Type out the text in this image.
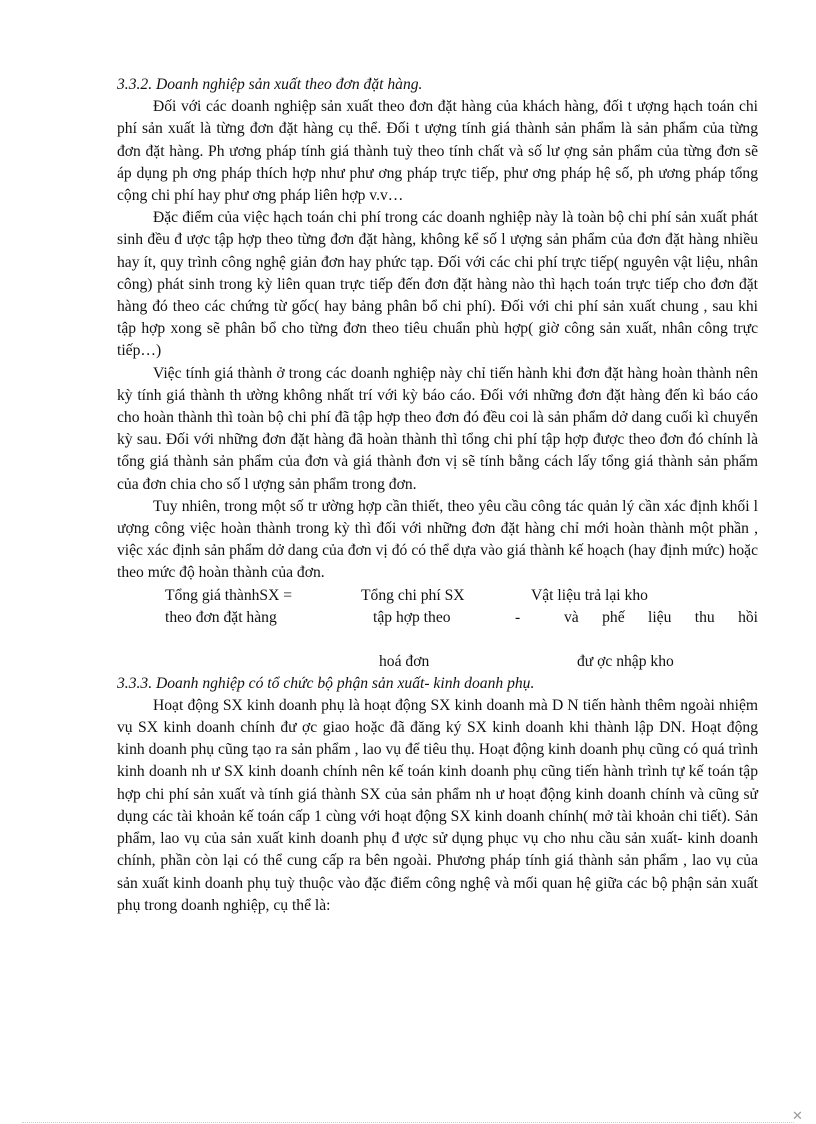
3.3.2. Doanh nghiệp sản xuất theo đơn đặt hàng.

Đối với các doanh nghiệp sản xuất theo đơn đặt hàng của khách hàng, đối t ượng hạch toán chi phí sản xuất là từng đơn đặt hàng cụ thể. Đối t ượng tính giá thành sản phẩm là sản phẩm của từng đơn đặt hàng. Ph ương pháp tính giá thành tuỳ theo tính chất và số lư ợng sản phẩm của từng đơn sẽ áp dụng ph ơng pháp thích hợp như phư ơng pháp trực tiếp, phư ơng pháp hệ số, ph ương pháp tổng cộng chi phí hay phư ơng pháp liên hợp v.v…

Đặc điểm của việc hạch toán chi phí trong các doanh nghiệp này là toàn bộ chi phí sản xuất phát sinh đều đ ược tập hợp theo từng đơn đặt hàng, không kể số l ượng sản phẩm của đơn đặt hàng nhiều hay ít, quy trình công nghệ giản đơn hay phức tạp. Đối với các chi phí trực tiếp( nguyên vật liệu, nhân công) phát sinh trong kỳ liên quan trực tiếp đến đơn đặt hàng nào thì hạch toán trực tiếp cho đơn đặt hàng đó theo các chứng từ gốc( hay bảng phân bổ chi phí). Đối với chi phí sản xuất chung , sau khi tập hợp xong sẽ phân bổ cho từng đơn theo tiêu chuẩn phù hợp( giờ công sản xuất, nhân công trực tiếp…)

Việc tính giá thành ở trong các doanh nghiệp này chỉ tiến hành khi đơn đặt hàng hoàn thành nên kỳ tính giá thành th ường không nhất trí với kỳ báo cáo. Đối với những đơn đặt hàng đến kì báo cáo cho hoàn thành thì toàn bộ chi phí đã tập hợp theo đơn đó đều coi là sản phẩm dở dang cuối kì chuyển kỳ sau. Đối với những đơn đặt hàng đã hoàn thành thì tổng chi phí tập hợp được theo đơn đó chính là tổng giá thành sản phẩm của đơn và giá thành đơn vị sẽ tính bằng cách lấy tổng giá thành sản phẩm của đơn chia cho số l ượng sản phẩm trong đơn.

Tuy nhiên, trong một số tr ường hợp cần thiết, theo yêu cầu công tác quản lý cần xác định khối l ượng công việc hoàn thành trong kỳ thì đối với những đơn đặt hàng chỉ mới hoàn thành một phần , việc xác định sản phẩm dở dang của đơn vị đó có thể dựa vào giá thành kế hoạch (hay định mức) hoặc theo mức độ hoàn thành của đơn.

Tổng giá thànhSX =
theo đơn đặt hàng
Tổng chi phí SX
tập hợp theo
hoá đơn
-
Vật liệu trả lại kho
và phế liệu thu hồi
đư ợc nhập kho

3.3.3. Doanh nghiệp có tổ chức bộ phận sản xuất- kinh doanh phụ.

Hoạt động SX kinh doanh phụ là hoạt động SX kinh doanh mà D N tiến hành thêm ngoài nhiệm vụ SX kinh doanh chính đư ợc giao hoặc đã đăng ký SX kinh doanh khi thành lập DN. Hoạt động kinh doanh phụ cũng tạo ra sản phẩm , lao vụ để tiêu thụ. Hoạt động kinh doanh phụ cũng có quá trình kinh doanh nh ư SX kinh doanh chính nên kế toán kinh doanh phụ cũng tiến hành trình tự kế toán tập hợp chi phí sản xuất và tính giá thành SX của sản phẩm nh ư hoạt động kinh doanh chính và cũng sử dụng các tài khoản kế toán cấp 1 cùng với hoạt động SX kinh doanh chính( mở tài khoản chi tiết). Sản phẩm, lao vụ của sản xuất kinh doanh phụ đ ược sử dụng phục vụ cho nhu cầu sản xuất- kinh doanh chính, phần còn lại có thể cung cấp ra bên ngoài. Phương pháp tính giá thành sản phẩm , lao vụ của sản xuất kinh doanh phụ tuỳ thuộc vào đặc điểm công nghệ và mối quan hệ giữa các bộ phận sản xuất phụ trong doanh nghiệp, cụ thể là:

✕
